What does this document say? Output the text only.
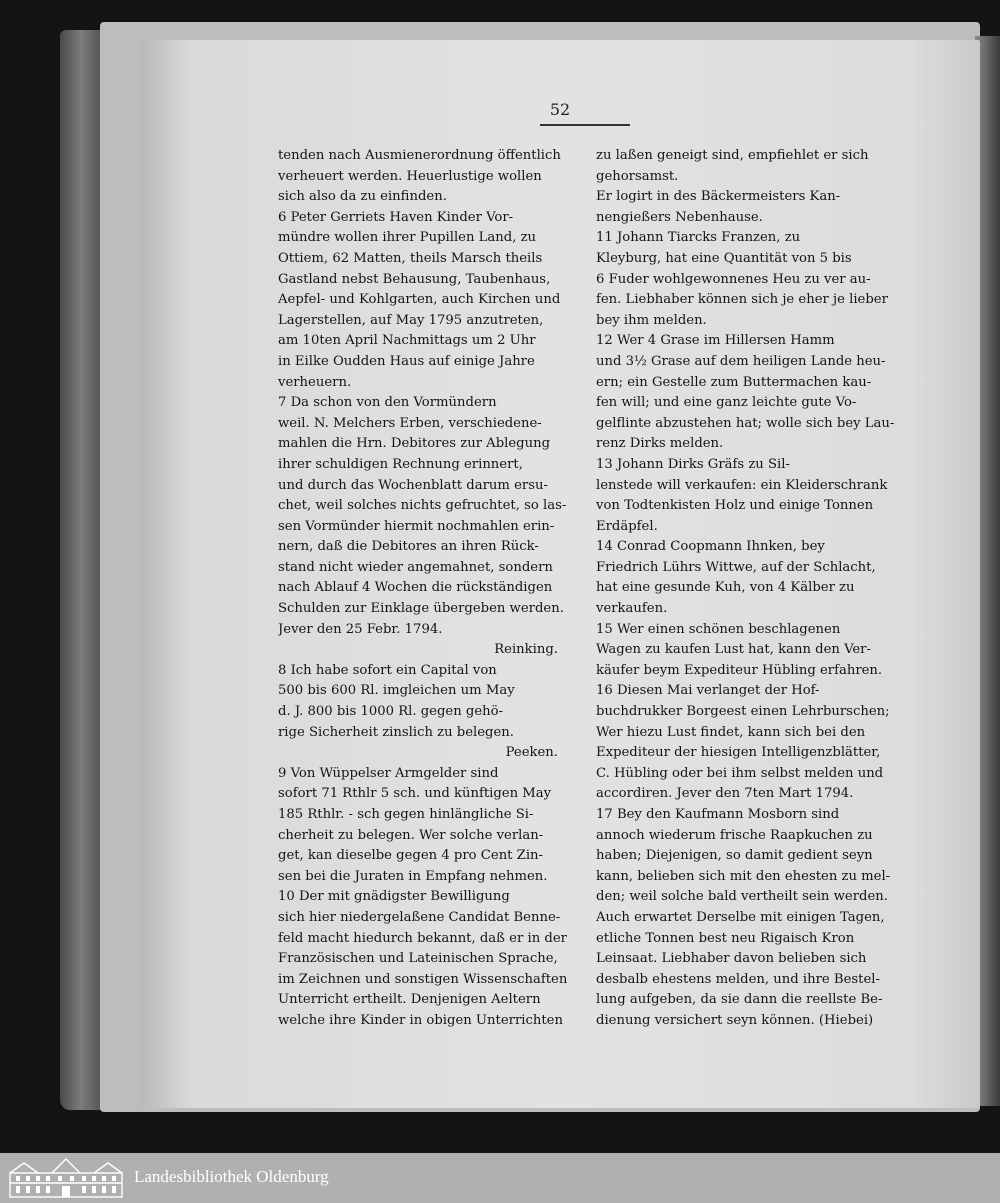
52
tenden nach Ausmienerordnung öffentlich
verheuert werden. Heuerlustige wollen
sich also da zu einfinden.
6 Peter Gerriets Haven Kinder Vor-
mündre wollen ihrer Pupillen Land, zu
Ottiem, 62 Matten, theils Marsch theils
Gastland nebst Behausung, Taubenhaus,
Aepfel- und Kohlgarten, auch Kirchen und
Lagerstellen, auf May 1795 anzutreten,
am 10ten April Nachmittags um 2 Uhr
in Eilke Oudden Haus auf einige Jahre
verheuern.
7 Da schon von den Vormündern
weil. N. Melchers Erben, verschiedene-
mahlen die Hrn. Debitores zur Ablegung
ihrer schuldigen Rechnung erinnert,
und durch das Wochenblatt darum ersu-
chet, weil solches nichts gefruchtet, so las-
sen Vormünder hiermit nochmahlen erin-
nern, daß die Debitores an ihren Rück-
stand nicht wieder angemahnet, sondern
nach Ablauf 4 Wochen die rückständigen
Schulden zur Einklage übergeben werden.
Jever den 25 Febr. 1794.
Reinking.
8 Ich habe sofort ein Capital von
500 bis 600 Rl. imgleichen um May
d. J. 800 bis 1000 Rl. gegen gehö-
rige Sicherheit zinslich zu belegen.
Peeken.
9 Von Wüppelser Armgelder sind
sofort 71 Rthlr 5 sch. und künftigen May
185 Rthlr. - sch gegen hinlängliche Si-
cherheit zu belegen. Wer solche verlan-
get, kan dieselbe gegen 4 pro Cent Zin-
sen bei die Juraten in Empfang nehmen.
10 Der mit gnädigster Bewilligung
sich hier niedergelaßene Candidat Benne-
feld macht hiedurch bekannt, daß er in der
Französischen und Lateinischen Sprache,
im Zeichnen und sonstigen Wissenschaften
Unterricht ertheilt. Denjenigen Aeltern
welche ihre Kinder in obigen Unterrichten
zu laßen geneigt sind, empfiehlet er sich
gehorsamst.
Er logirt in des Bäckermeisters Kan-
nengießers Nebenhause.
11 Johann Tiarcks Franzen, zu
Kleyburg, hat eine Quantität von 5 bis
6 Fuder wohlgewonnenes Heu zu ver au-
fen. Liebhaber können sich je eher je lieber
bey ihm melden.
12 Wer 4 Grase im Hillersen Hamm
und 3½ Grase auf dem heiligen Lande heu-
ern; ein Gestelle zum Buttermachen kau-
fen will; und eine ganz leichte gute Vo-
gelflinte abzustehen hat; wolle sich bey Lau-
renz Dirks melden.
13 Johann Dirks Gräfs zu Sil-
lenstede will verkaufen: ein Kleiderschrank
von Todtenkisten Holz und einige Tonnen
Erdäpfel.
14 Conrad Coopmann Ihnken, bey
Friedrich Lührs Wittwe, auf der Schlacht,
hat eine gesunde Kuh, von 4 Kälber zu
verkaufen.
15 Wer einen schönen beschlagenen
Wagen zu kaufen Lust hat, kann den Ver-
käufer beym Expediteur Hübling erfahren.
16 Diesen Mai verlanget der Hof-
buchdrukker Borgeest einen Lehrburschen;
Wer hiezu Lust findet, kann sich bei den
Expediteur der hiesigen Intelligenzblätter,
C. Hübling oder bei ihm selbst melden und
accordiren. Jever den 7ten Mart 1794.
17 Bey den Kaufmann Mosborn sind
annoch wiederum frische Raapkuchen zu
haben; Diejenigen, so damit gedient seyn
kann, belieben sich mit den ehesten zu mel-
den; weil solche bald vertheilt sein werden.
Auch erwartet Derselbe mit einigen Tagen,
etliche Tonnen best neu Rigaisch Kron
Leinsaat. Liebhaber davon belieben sich
desbalb ehestens melden, und ihre Bestel-
lung aufgeben, da sie dann die reellste Be-
dienung versichert seyn können. (Hiebei)
Landesbibliothek Oldenburg
